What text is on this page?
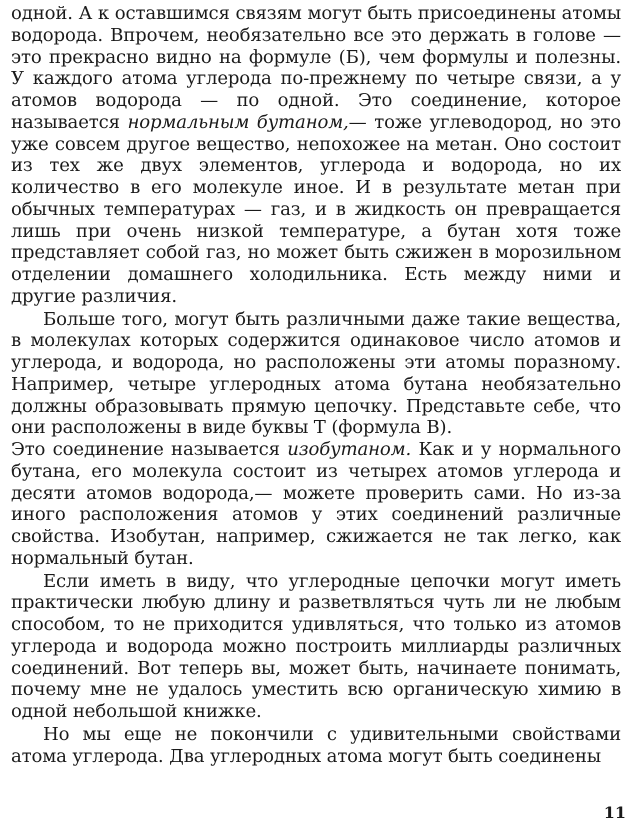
одной. А к оставшимся связям могут быть присоединены атомы водорода. Впрочем, необязательно все это держать в голове — это прекрасно видно на формуле (Б), чем формулы и полезны. У каждого атома углерода по-прежнему по четыре связи, а у атомов водорода — по одной. Это соединение, которое называется нормальным бутаном,— тоже углеводород, но это уже совсем другое вещество, непохожее на метан. Оно состоит из тех же двух элементов, углерода и водорода, но их количество в его молекуле иное. И в результате метан при обычных температурах — газ, и в жидкость он превращается лишь при очень низкой температуре, а бутан хотя тоже представляет собой газ, но может быть сжижен в морозильном отделении домашнего холодильника. Есть между ними и другие различия.

Больше того, могут быть различными даже такие вещества, в молекулах которых содержится одинаковое число атомов и углерода, и водорода, но расположены эти атомы поразному. Например, четыре углеродных атома бутана необязательно должны образовывать прямую цепочку. Представьте себе, что они расположены в виде буквы Т (формула В).

Это соединение называется изобутаном. Как и у нормального бутана, его молекула состоит из четырех атомов углерода и десяти атомов водорода,— можете проверить сами. Но из-за иного расположения атомов у этих соединений различные свойства. Изобутан, например, сжижается не так легко, как нормальный бутан.

Если иметь в виду, что углеродные цепочки могут иметь практически любую длину и разветвляться чуть ли не любым способом, то не приходится удивляться, что только из атомов углерода и водорода можно построить миллиарды различных соединений. Вот теперь вы, может быть, начинаете понимать, почему мне не удалось уместить всю органическую химию в одной небольшой книжке.

Но мы еще не покончили с удивительными свойствами атома углерода. Два углеродных атома могут быть соединены

11
